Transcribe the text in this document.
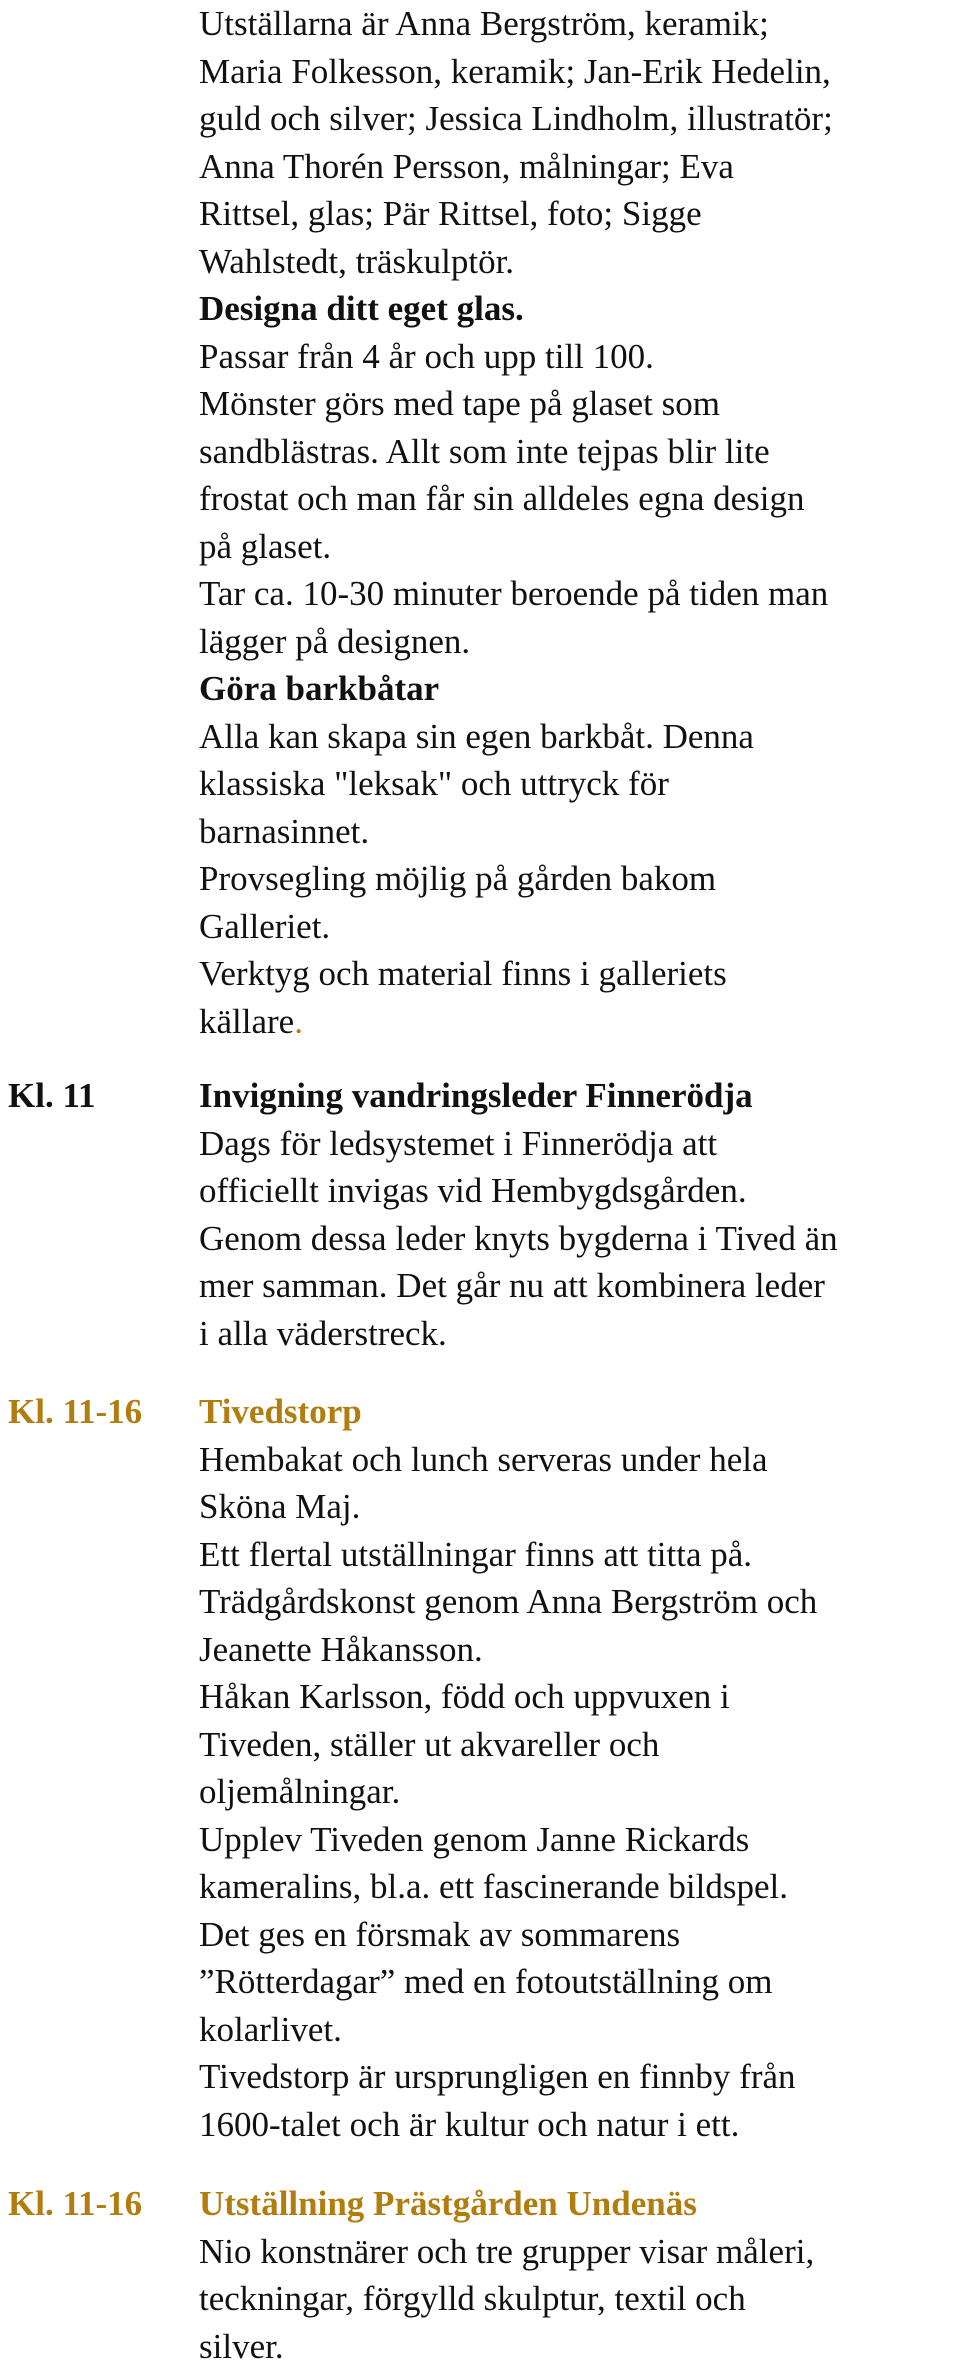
Utställarna är Anna Bergström, keramik;
Maria Folkesson, keramik; Jan-Erik Hedelin,
guld och silver; Jessica Lindholm, illustratör;
Anna Thorén Persson, målningar; Eva
Rittsel, glas; Pär Rittsel, foto; Sigge
Wahlstedt, träskulptör.
Designa ditt eget glas.
Passar från 4 år och upp till 100.
Mönster görs med tape på glaset som
sandblästras. Allt som inte tejpas blir lite
frostat och man får sin alldeles egna design
på glaset.
Tar ca. 10-30 minuter beroende på tiden man
lägger på designen.
Göra barkbåtar
Alla kan skapa sin egen barkbåt. Denna
klassiska "leksak" och uttryck för
barnasinnet.
Provsegling möjlig på gården bakom
Galleriet.
Verktyg och material finns i galleriets
källare.
Kl. 11	Invigning vandringsleder Finnerödja
Dags för ledsystemet i Finnerödja att
officiellt invigas vid Hembygdsgården.
Genom dessa leder knyts bygderna i Tived än
mer samman. Det går nu att kombinera leder
i alla väderstreck.
Kl. 11-16 Tivedstorp
Hembakat och lunch serveras under hela
Sköna Maj.
Ett flertal utställningar finns att titta på.
Trädgårdskonst genom Anna Bergström och
Jeanette Håkansson.
Håkan Karlsson, född och uppvuxen i
Tiveden, ställer ut akvareller och
oljemålningar.
Upplev Tiveden genom Janne Rickards
kameralins, bl.a. ett fascinerande bildspel.
Det ges en försmak av sommarens
”Rötterdagar” med en fotoutställning om
kolarlivet.
Tivedstorp är ursprungligen en finnby från
1600-talet och är kultur och natur i ett.
Kl. 11-16 Utställning Prästgården Undenäs
Nio konstnärer och tre grupper visar måleri,
teckningar, förgylld skulptur, textil och
silver.
